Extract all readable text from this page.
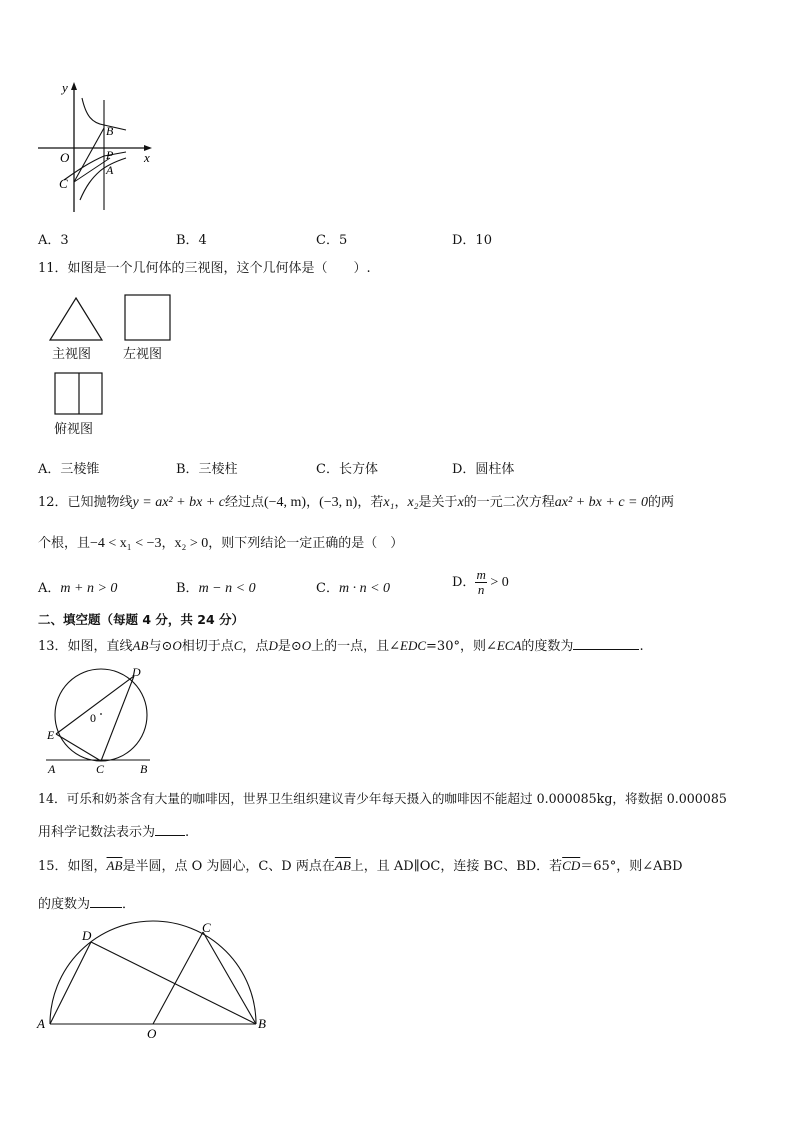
y
x
O
B
P
A
C
A．3	B．4	C．5	D．10
11．如图是一个几何体的三视图，这个几何体是（　　）.
主视图 左视图
俯视图
A．三棱锥	B．三棱柱	C．长方体	D．圆柱体
12．已知抛物线y = ax² + bx + c经过点(−4, m)，(−3, n)，若x₁，x₂是关于x的一元二次方程ax² + bx + c = 0的两
个根，且−4 < x₁ < −3，x₂ > 0，则下列结论一定正确的是（　）
A．m + n > 0	B．m − n < 0	C．m · n < 0	D． $\frac{m}{n} > 0$
二、填空题（每题 4 分，共 24 分）
13．如图，直线AB与⊙O相切于点C，点D是⊙O上的一点，且∠EDC=30°，则∠ECA的度数为	.
D
0
E
A	C	B
14．可乐和奶茶含有大量的咖啡因，世界卫生组织建议青少年每天摄入的咖啡因不能超过 0.000085kg，将数据 0.000085
用科学记数法表示为 .
15．如图，$\overline{AB}$是半圆，点 O 为圆心，C、D 两点在$\overline{AB}$上，且 AD∥OC，连接 BC、BD．若$\overline{CD}=65^\circ$，则∠ABD
的度数为 ．
D
C
A
O
B
